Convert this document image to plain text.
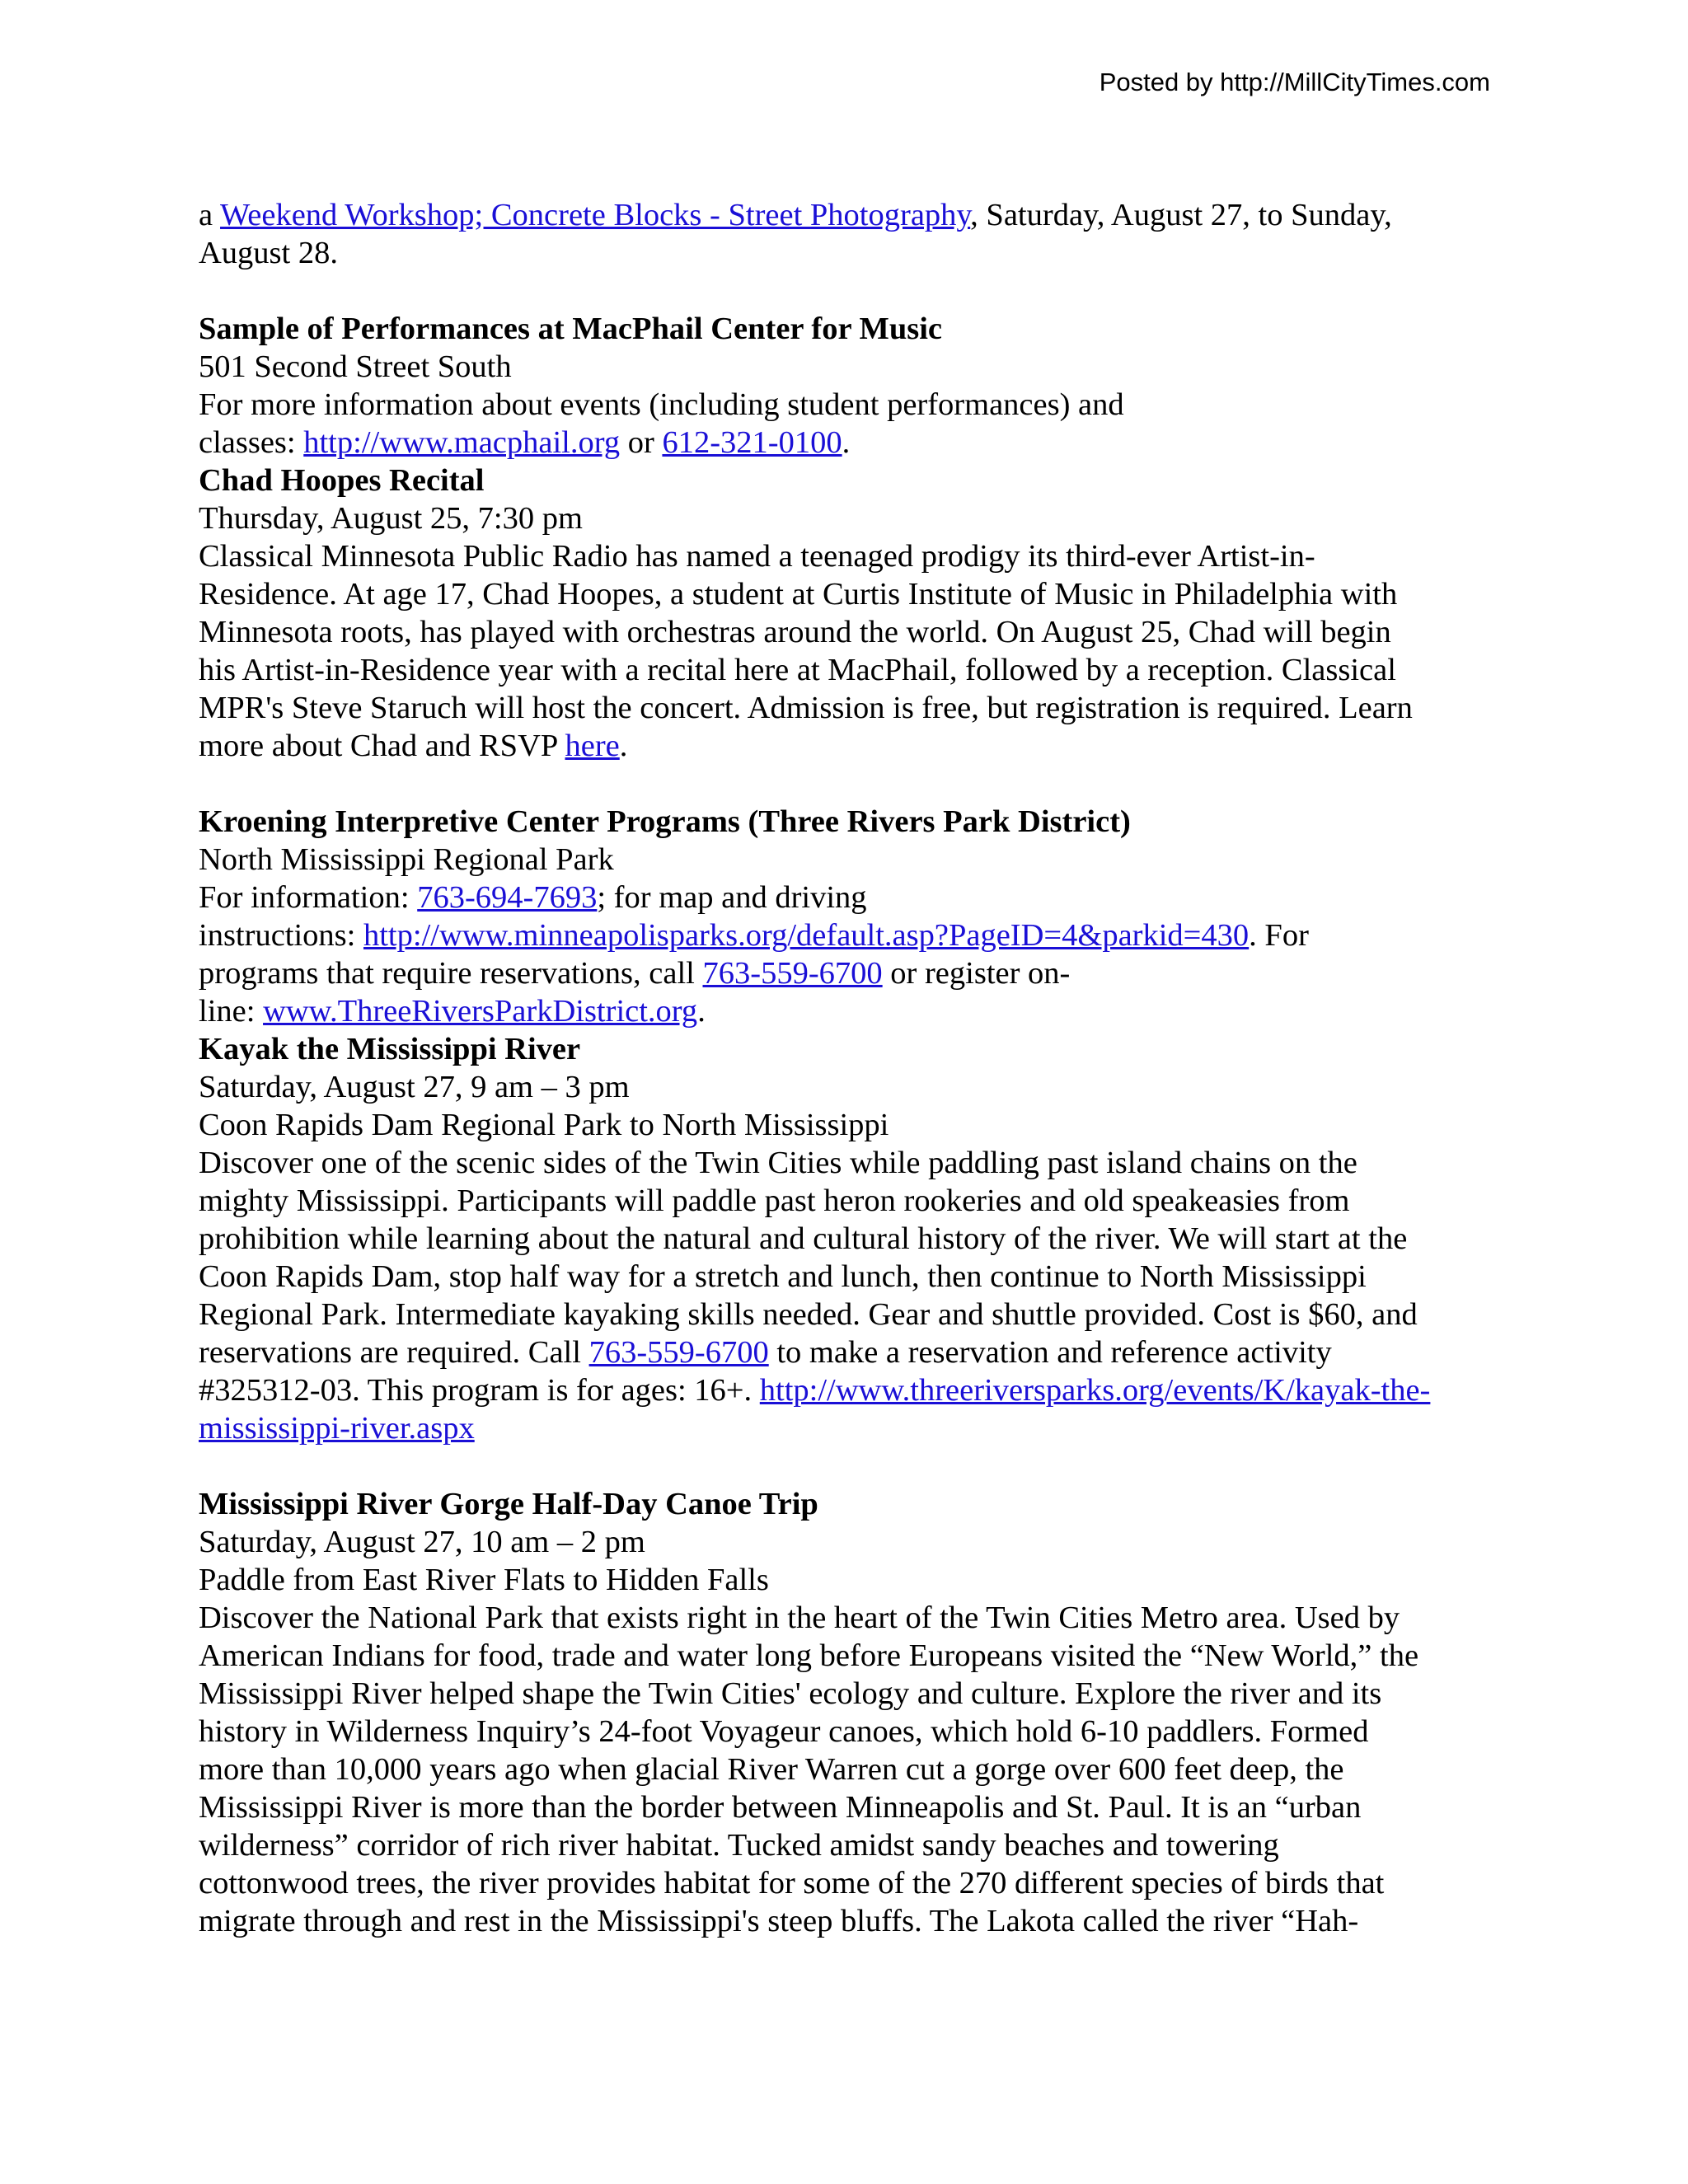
Posted by http://MillCityTimes.com

a Weekend Workshop; Concrete Blocks - Street Photography, Saturday, August 27, to Sunday,

August 28.

Sample of Performances at MacPhail Center for Music

501 Second Street South

For more information about events (including student performances) and

classes: http://www.macphail.org or 612-321-0100.

Chad Hoopes Recital

Thursday, August 25, 7:30 pm

Classical Minnesota Public Radio has named a teenaged prodigy its third-ever Artist-in-

Residence. At age 17, Chad Hoopes, a student at Curtis Institute of Music in Philadelphia with

Minnesota roots, has played with orchestras around the world. On August 25, Chad will begin

his Artist-in-Residence year with a recital here at MacPhail, followed by a reception. Classical

MPR's Steve Staruch will host the concert. Admission is free, but registration is required. Learn

more about Chad and RSVP here.

Kroening Interpretive Center Programs (Three Rivers Park District)

North Mississippi Regional Park

For information: 763-694-7693; for map and driving

instructions: http://www.minneapolisparks.org/default.asp?PageID=4&parkid=430. For

programs that require reservations, call 763-559-6700 or register on-

line: www.ThreeRiversParkDistrict.org.

Kayak the Mississippi River

Saturday, August 27, 9 am – 3 pm

Coon Rapids Dam Regional Park to North Mississippi

Discover one of the scenic sides of the Twin Cities while paddling past island chains on the

mighty Mississippi. Participants will paddle past heron rookeries and old speakeasies from

prohibition while learning about the natural and cultural history of the river. We will start at the

Coon Rapids Dam, stop half way for a stretch and lunch, then continue to North Mississippi

Regional Park. Intermediate kayaking skills needed. Gear and shuttle provided. Cost is $60, and

reservations are required. Call 763-559-6700 to make a reservation and reference activity

#325312-03. This program is for ages: 16+. http://www.threeriversparks.org/events/K/kayak-the-

mississippi-river.aspx

Mississippi River Gorge Half-Day Canoe Trip

Saturday, August 27, 10 am – 2 pm

Paddle from East River Flats to Hidden Falls

Discover the National Park that exists right in the heart of the Twin Cities Metro area. Used by

American Indians for food, trade and water long before Europeans visited the “New World,” the

Mississippi River helped shape the Twin Cities' ecology and culture. Explore the river and its

history in Wilderness Inquiry’s 24-foot Voyageur canoes, which hold 6-10 paddlers. Formed

more than 10,000 years ago when glacial River Warren cut a gorge over 600 feet deep, the

Mississippi River is more than the border between Minneapolis and St. Paul. It is an “urban

wilderness” corridor of rich river habitat. Tucked amidst sandy beaches and towering

cottonwood trees, the river provides habitat for some of the 270 different species of birds that

migrate through and rest in the Mississippi's steep bluffs. The Lakota called the river “Hah-
